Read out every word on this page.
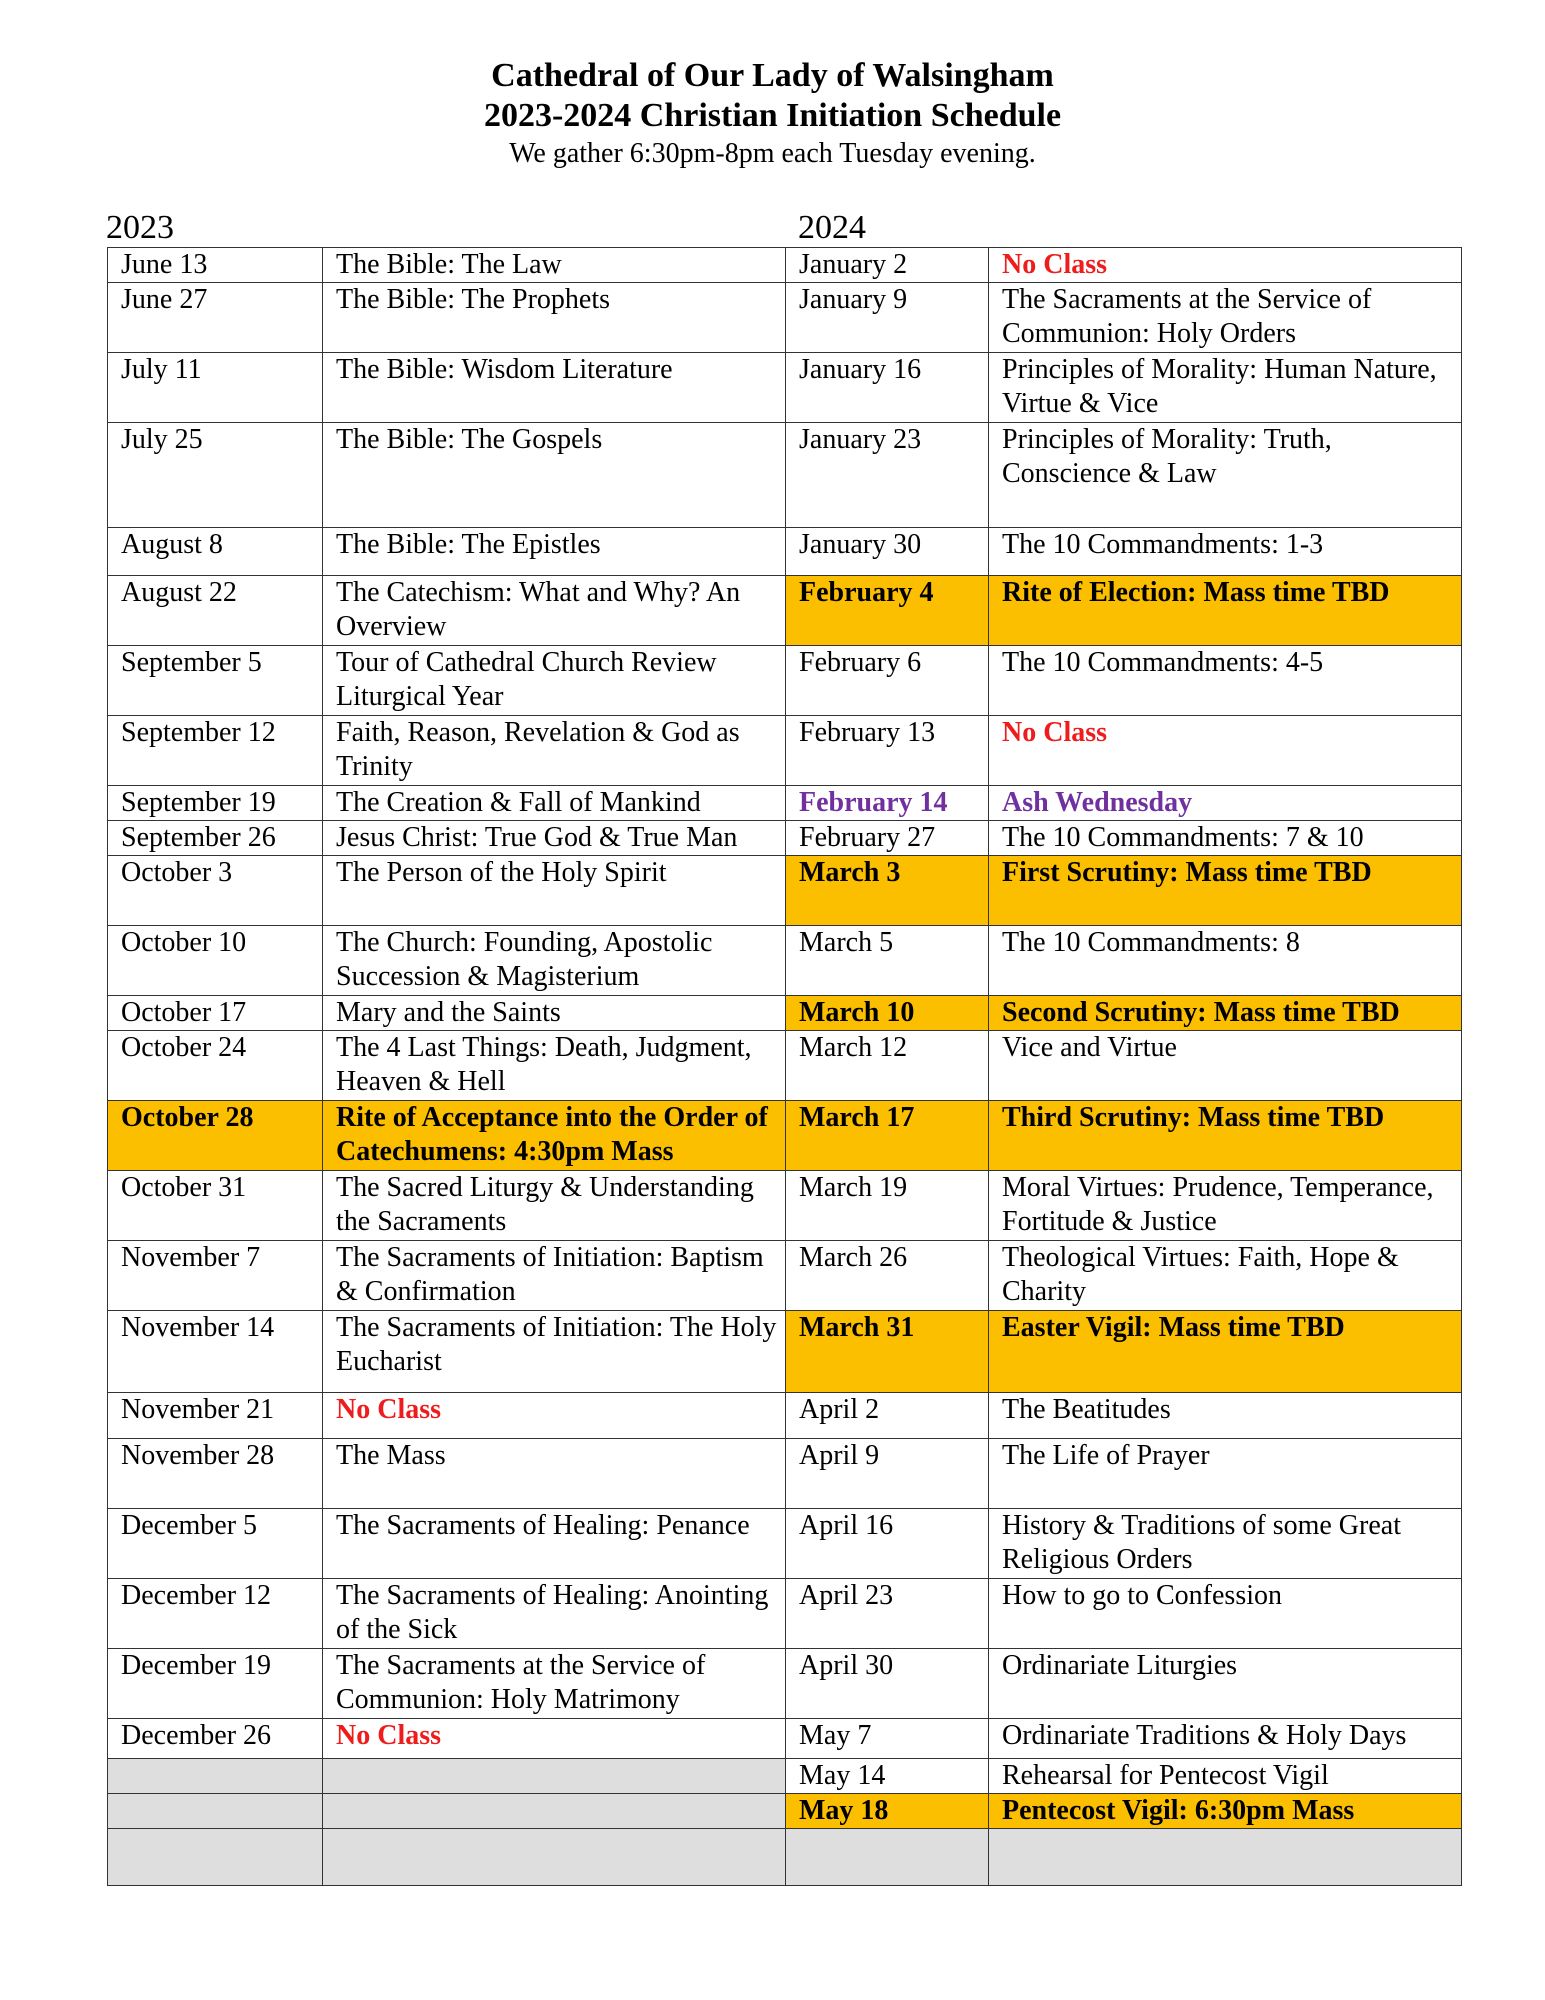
Cathedral of Our Lady of Walsingham
2023-2024 Christian Initiation Schedule
We gather 6:30pm-8pm each Tuesday evening.
2023	2024
June 13	The Bible: The Law	January 2	No Class
June 27	The Bible: The Prophets	January 9	The Sacraments at the Service of Communion: Holy Orders
July 11	The Bible: Wisdom Literature	January 16	Principles of Morality: Human Nature, Virtue & Vice
July 25	The Bible: The Gospels	January 23	Principles of Morality: Truth, Conscience & Law
August 8	The Bible: The Epistles	January 30	The 10 Commandments: 1-3
August 22	The Catechism: What and Why? An Overview	February 4	Rite of Election: Mass time TBD
September 5	Tour of Cathedral Church Review Liturgical Year	February 6	The 10 Commandments: 4-5
September 12	Faith, Reason, Revelation & God as Trinity	February 13	No Class
September 19	The Creation & Fall of Mankind	February 14	Ash Wednesday
September 26	Jesus Christ: True God & True Man	February 27	The 10 Commandments: 7 & 10
October 3	The Person of the Holy Spirit	March 3	First Scrutiny: Mass time TBD
October 10	The Church: Founding, Apostolic Succession & Magisterium	March 5	The 10 Commandments: 8
October 17	Mary and the Saints	March 10	Second Scrutiny: Mass time TBD
October 24	The 4 Last Things: Death, Judgment, Heaven & Hell	March 12	Vice and Virtue
October 28	Rite of Acceptance into the Order of Catechumens: 4:30pm Mass	March 17	Third Scrutiny: Mass time TBD
October 31	The Sacred Liturgy & Understanding the Sacraments	March 19	Moral Virtues: Prudence, Temperance, Fortitude & Justice
November 7	The Sacraments of Initiation: Baptism & Confirmation	March 26	Theological Virtues: Faith, Hope & Charity
November 14	The Sacraments of Initiation: The Holy Eucharist	March 31	Easter Vigil: Mass time TBD
November 21	No Class	April 2	The Beatitudes
November 28	The Mass	April 9	The Life of Prayer
December 5	The Sacraments of Healing: Penance	April 16	History & Traditions of some Great Religious Orders
December 12	The Sacraments of Healing: Anointing of the Sick	April 23	How to go to Confession
December 19	The Sacraments at the Service of Communion: Holy Matrimony	April 30	Ordinariate Liturgies
December 26	No Class	May 7	Ordinariate Traditions & Holy Days
		May 14	Rehearsal for Pentecost Vigil
		May 18	Pentecost Vigil: 6:30pm Mass
